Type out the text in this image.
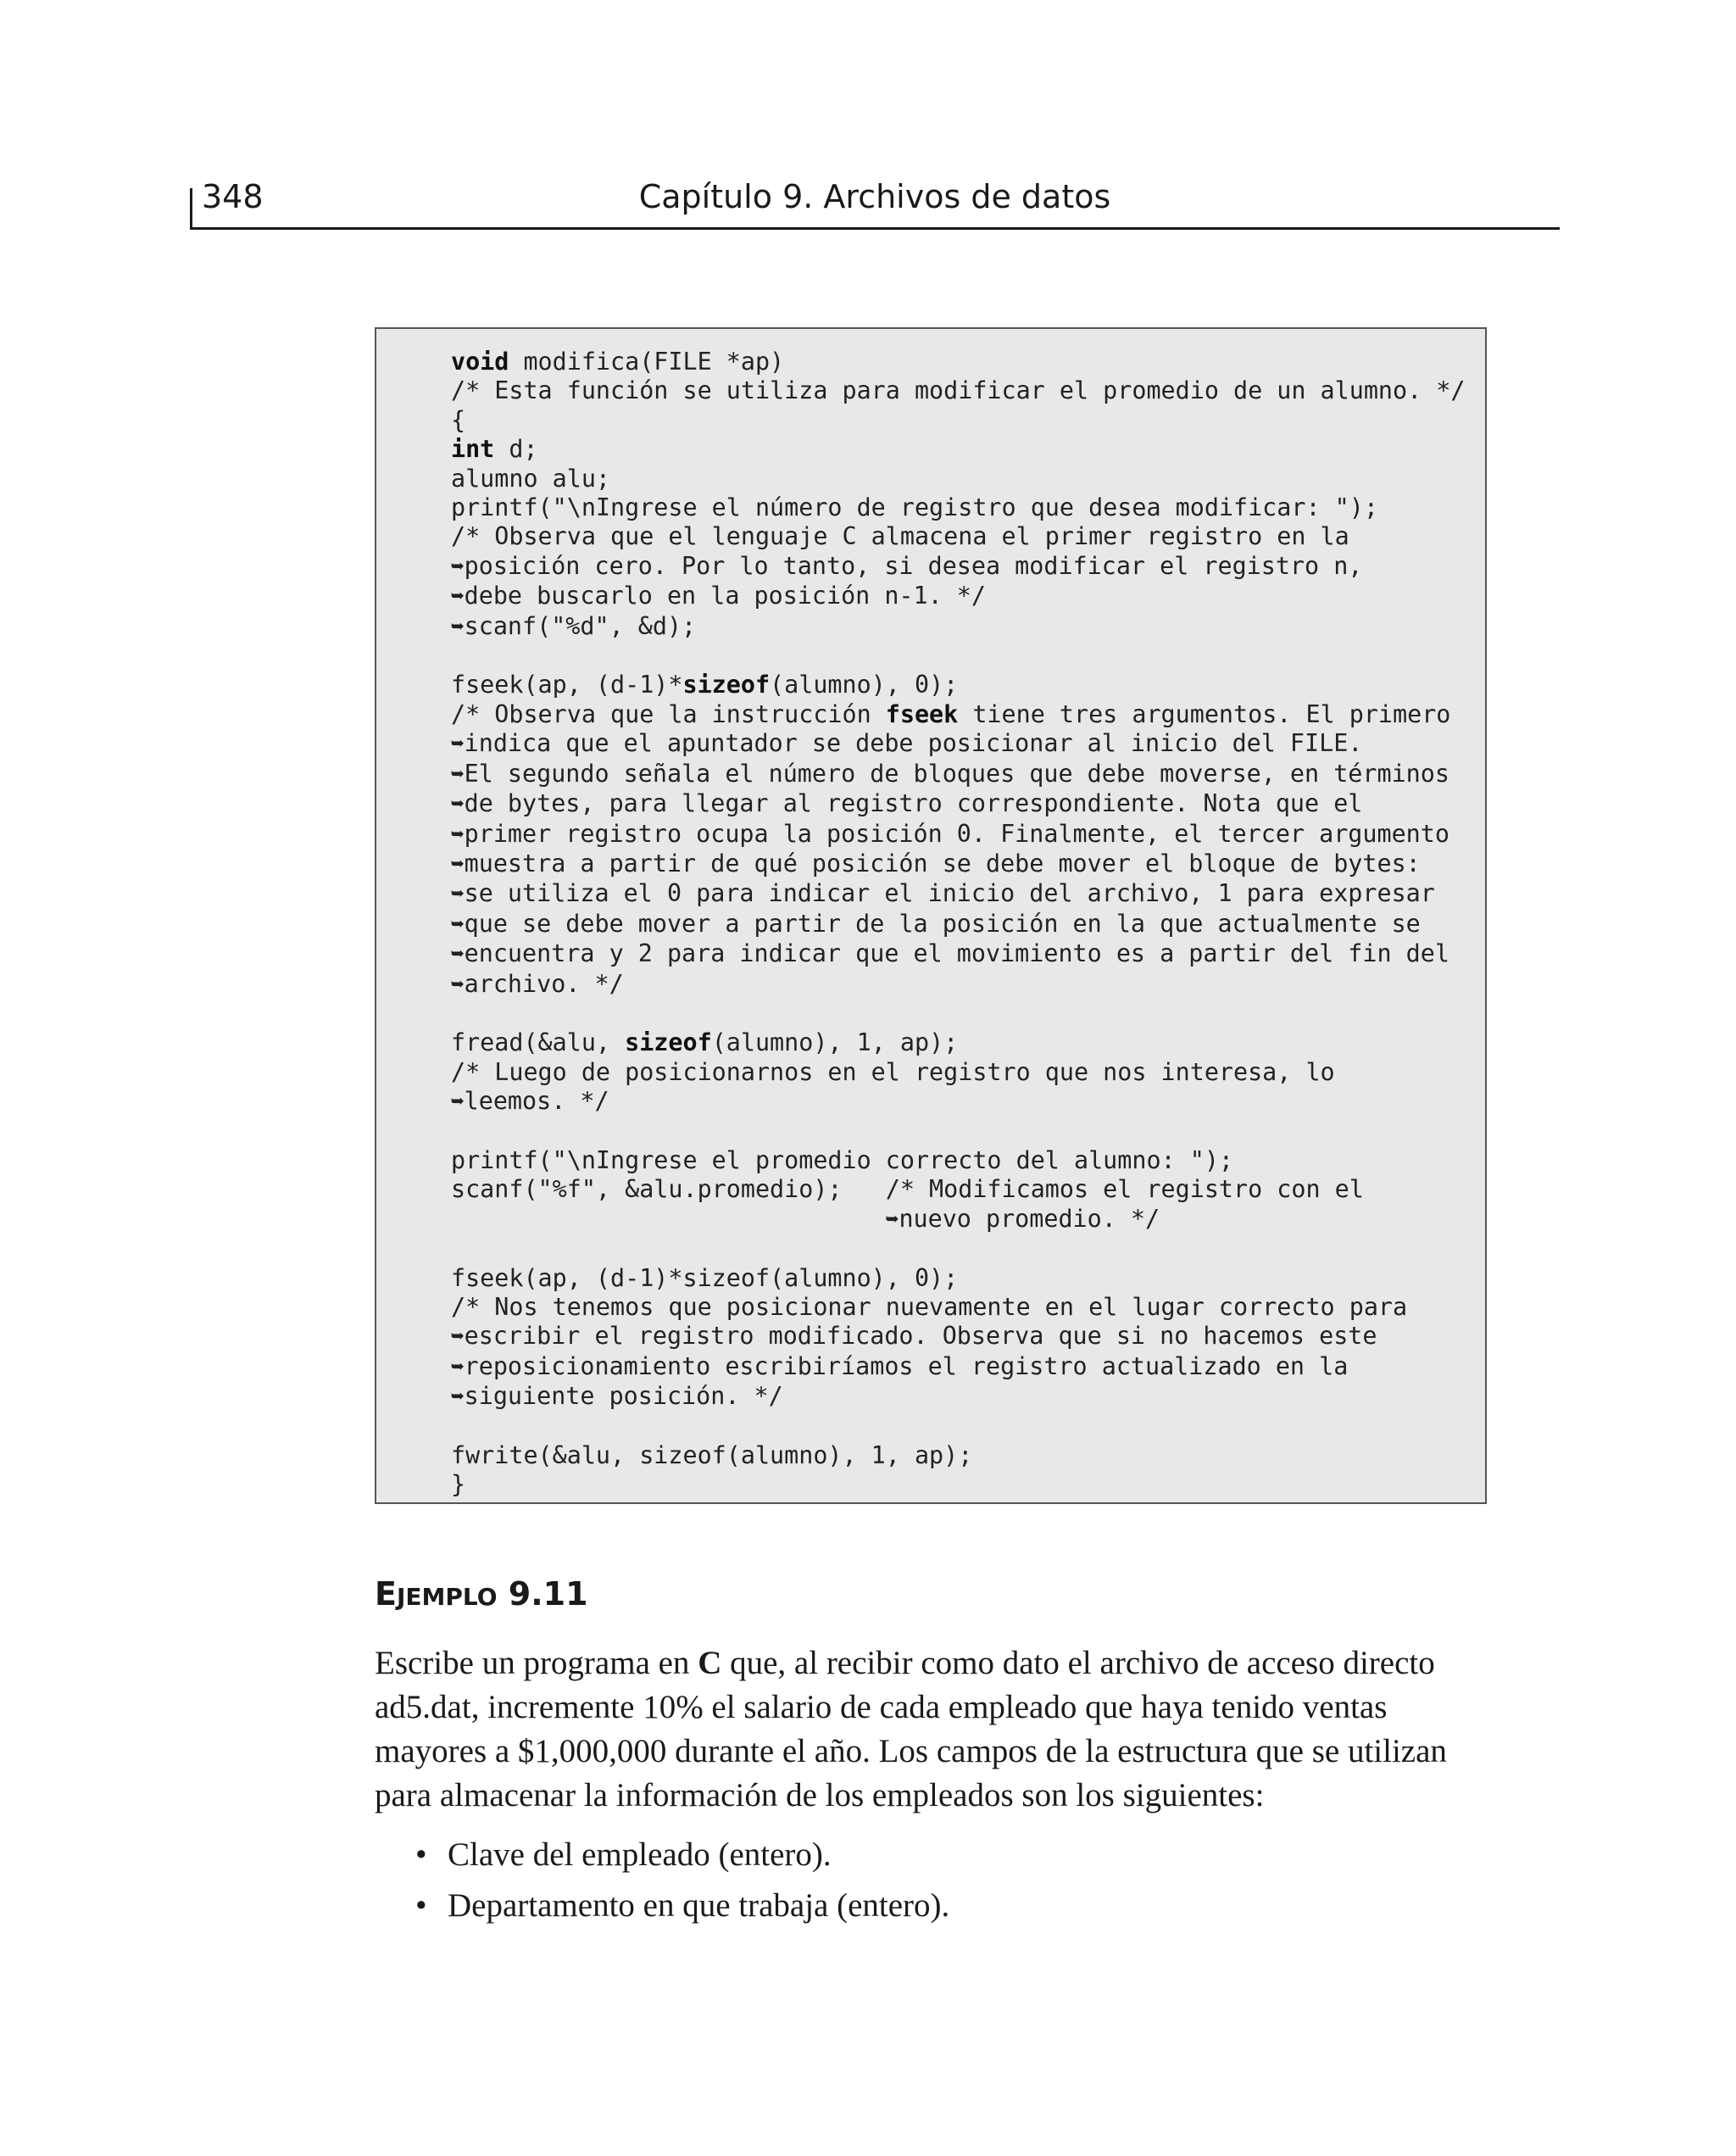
348	Capítulo 9. Archivos de datos
void modifica(FILE *ap)
/* Esta función se utiliza para modificar el promedio de un alumno. */
{
int d;
alumno alu;
printf("\nIngrese el número de registro que desea modificar: ");
/* Observa que el lenguaje C almacena el primer registro en la
➥posición cero. Por lo tanto, si desea modificar el registro n,
➥debe buscarlo en la posición n-1. */
➥scanf("%d", &d);

fseek(ap, (d-1)*sizeof(alumno), 0);
/* Observa que la instrucción fseek tiene tres argumentos. El primero
➥indica que el apuntador se debe posicionar al inicio del FILE.
➥El segundo señala el número de bloques que debe moverse, en términos
➥de bytes, para llegar al registro correspondiente. Nota que el
➥primer registro ocupa la posición 0. Finalmente, el tercer argumento
➥muestra a partir de qué posición se debe mover el bloque de bytes:
➥se utiliza el 0 para indicar el inicio del archivo, 1 para expresar
➥que se debe mover a partir de la posición en la que actualmente se
➥encuentra y 2 para indicar que el movimiento es a partir del fin del
➥archivo. */

fread(&alu, sizeof(alumno), 1, ap);
/* Luego de posicionarnos en el registro que nos interesa, lo
➥leemos. */

printf("\nIngrese el promedio correcto del alumno: ");
scanf("%f", &alu.promedio);   /* Modificamos el registro con el
➥nuevo promedio. */

fseek(ap, (d-1)*sizeof(alumno), 0);
/* Nos tenemos que posicionar nuevamente en el lugar correcto para
➥escribir el registro modificado. Observa que si no hacemos este
➥reposicionamiento escribiríamos el registro actualizado en la
➥siguiente posición. */

fwrite(&alu, sizeof(alumno), 1, ap);
}
EJEMPLO 9.11

Escribe un programa en C que, al recibir como dato el archivo de acceso directo ad5.dat, incremente 10% el salario de cada empleado que haya tenido ventas mayores a $1,000,000 durante el año. Los campos de la estructura que se utilizan para almacenar la información de los empleados son los siguientes:

• Clave del empleado (entero).
• Departamento en que trabaja (entero).
